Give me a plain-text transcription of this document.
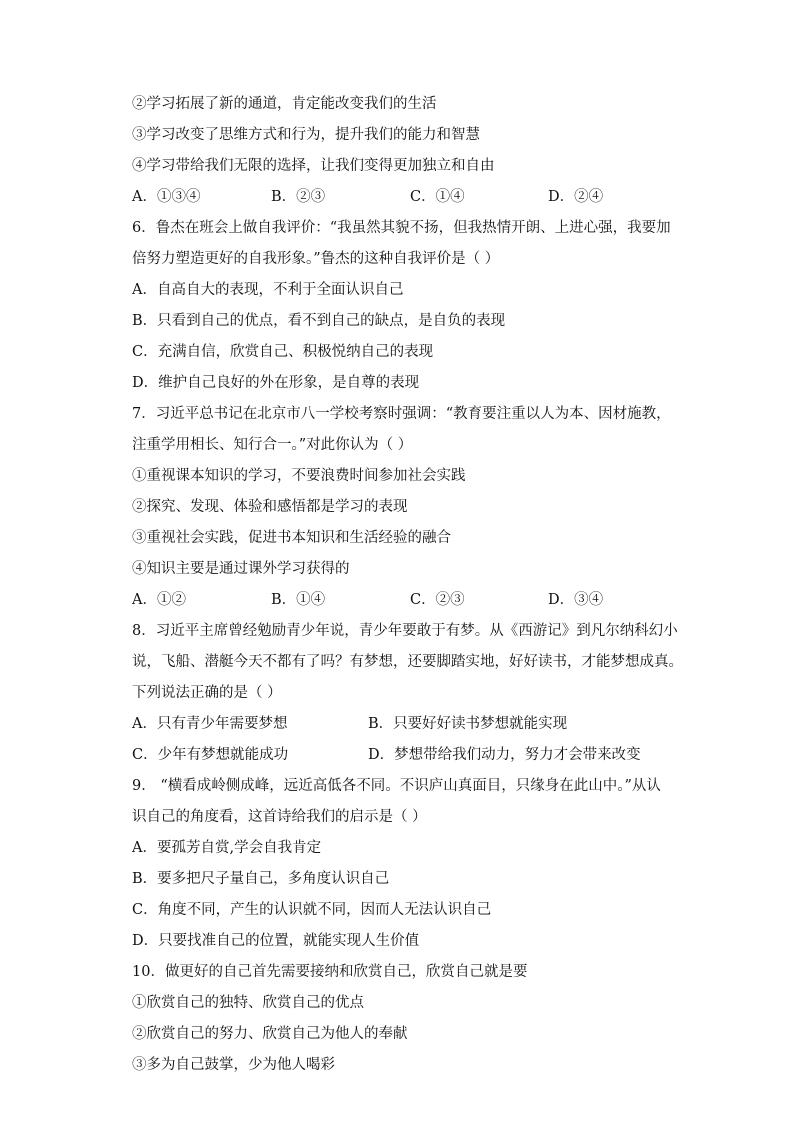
②学习拓展了新的通道，肯定能改变我们的生活
③学习改变了思维方式和行为，提升我们的能力和智慧
④学习带给我们无限的选择，让我们变得更加独立和自由
A．①③④	B．②③	C．①④	D．②④
6．鲁杰在班会上做自我评价：“我虽然其貌不扬，但我热情开朗、上进心强，我要加
倍努力塑造更好的自我形象。”鲁杰的这种自我评价是（ ）
A．自高自大的表现，不利于全面认识自己
B．只看到自己的优点，看不到自己的缺点，是自负的表现
C．充满自信，欣赏自己、积极悦纳自己的表现
D．维护自己良好的外在形象，是自尊的表现
7．习近平总书记在北京市八一学校考察时强调：“教育要注重以人为本、因材施教，
注重学用相长、知行合一。”对此你认为（ ）
①重视课本知识的学习，不要浪费时间参加社会实践
②探究、发现、体验和感悟都是学习的表现
③重视社会实践，促进书本知识和生活经验的融合
④知识主要是通过课外学习获得的
A．①②	B．①④	C．②③	D．③④
8．习近平主席曾经勉励青少年说，青少年要敢于有梦。从《西游记》到凡尔纳科幻小
说，飞船、潜艇今天不都有了吗？有梦想，还要脚踏实地，好好读书，才能梦想成真。
下列说法正确的是（ ）
A．只有青少年需要梦想	B．只要好好读书梦想就能实现
C．少年有梦想就能成功	D．梦想带给我们动力，努力才会带来改变
9． “横看成岭侧成峰，远近高低各不同。不识庐山真面目，只缘身在此山中。”从认
识自己的角度看，这首诗给我们的启示是（ ）
A．要孤芳自赏,学会自我肯定
B．要多把尺子量自己，多角度认识自己
C．角度不同，产生的认识就不同，因而人无法认识自己
D．只要找准自己的位置，就能实现人生价值
10．做更好的自己首先需要接纳和欣赏自己，欣赏自己就是要
①欣赏自己的独特、欣赏自己的优点
②欣赏自己的努力、欣赏自己为他人的奉献
③多为自己鼓掌，少为他人喝彩
